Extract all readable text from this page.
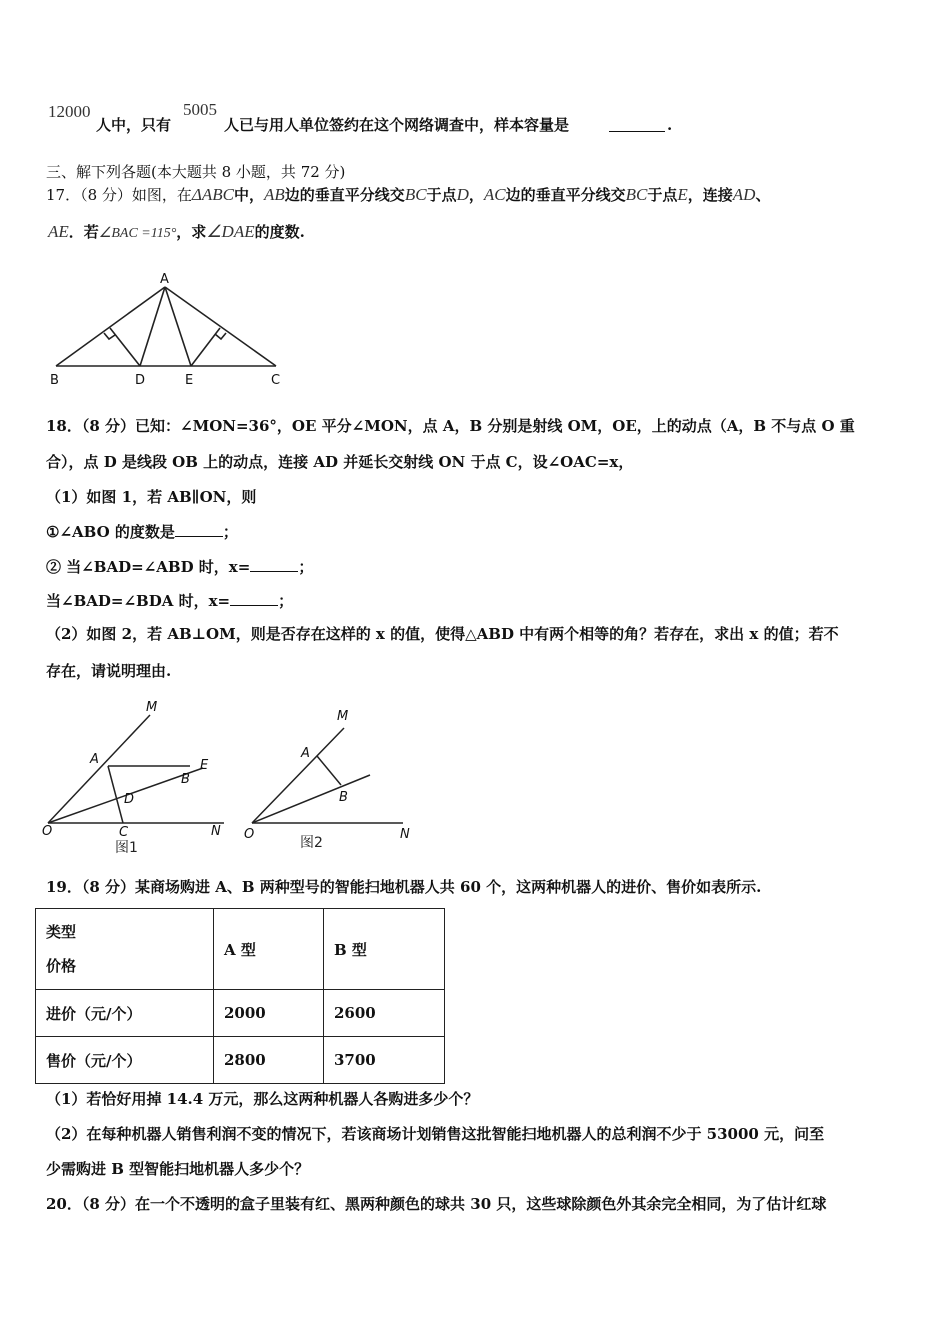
12000
人中，只有
5005
人已与用人单位签约在这个网络调查中，样本容量是	.
三、解下列各题(本大题共 8 小题，共 72 分)
17．（8 分）如图，在ΔABC中，AB边的垂直平分线交BC于点D，AC边的垂直平分线交BC于点E，连接AD、
AE．若∠BAC =115°，求∠DAE的度数.
A
B	D	E	C
18．（8 分）已知：∠MON=36°，OE 平分∠MON，点 A，B 分别是射线 OM，OE，上的动点（A，B 不与点 O 重
合），点 D 是线段 OB 上的动点，连接 AD 并延长交射线 ON 于点 C，设∠OAC=x，
（1）如图 1，若 AB∥ON，则
①∠ABO 的度数是	；
② 当∠BAD=∠ABD 时，x=	；
当∠BAD=∠BDA 时，x=	；
（2）如图 2，若 AB⊥OM，则是否存在这样的 x 的值，使得△ABD 中有两个相等的角？若存在，求出 x 的值；若不
存在，请说明理由.
M
A	E
B
D
O	C	N
图1
M
A
B
O	N
图2
19．（8 分）某商场购进 A、B 两种型号的智能扫地机器人共 60 个，这两种机器人的进价、售价如表所示.
类型
价格	A 型	B 型
进价（元/个）	2000	2600
售价（元/个）	2800	3700
（1）若恰好用掉 14.4 万元，那么这两种机器人各购进多少个？
（2）在每种机器人销售利润不变的情况下，若该商场计划销售这批智能扫地机器人的总利润不少于 53000 元，问至
少需购进 B 型智能扫地机器人多少个？
20．（8 分）在一个不透明的盒子里装有红、黑两种颜色的球共 30 只，这些球除颜色外其余完全相同，为了估计红球
